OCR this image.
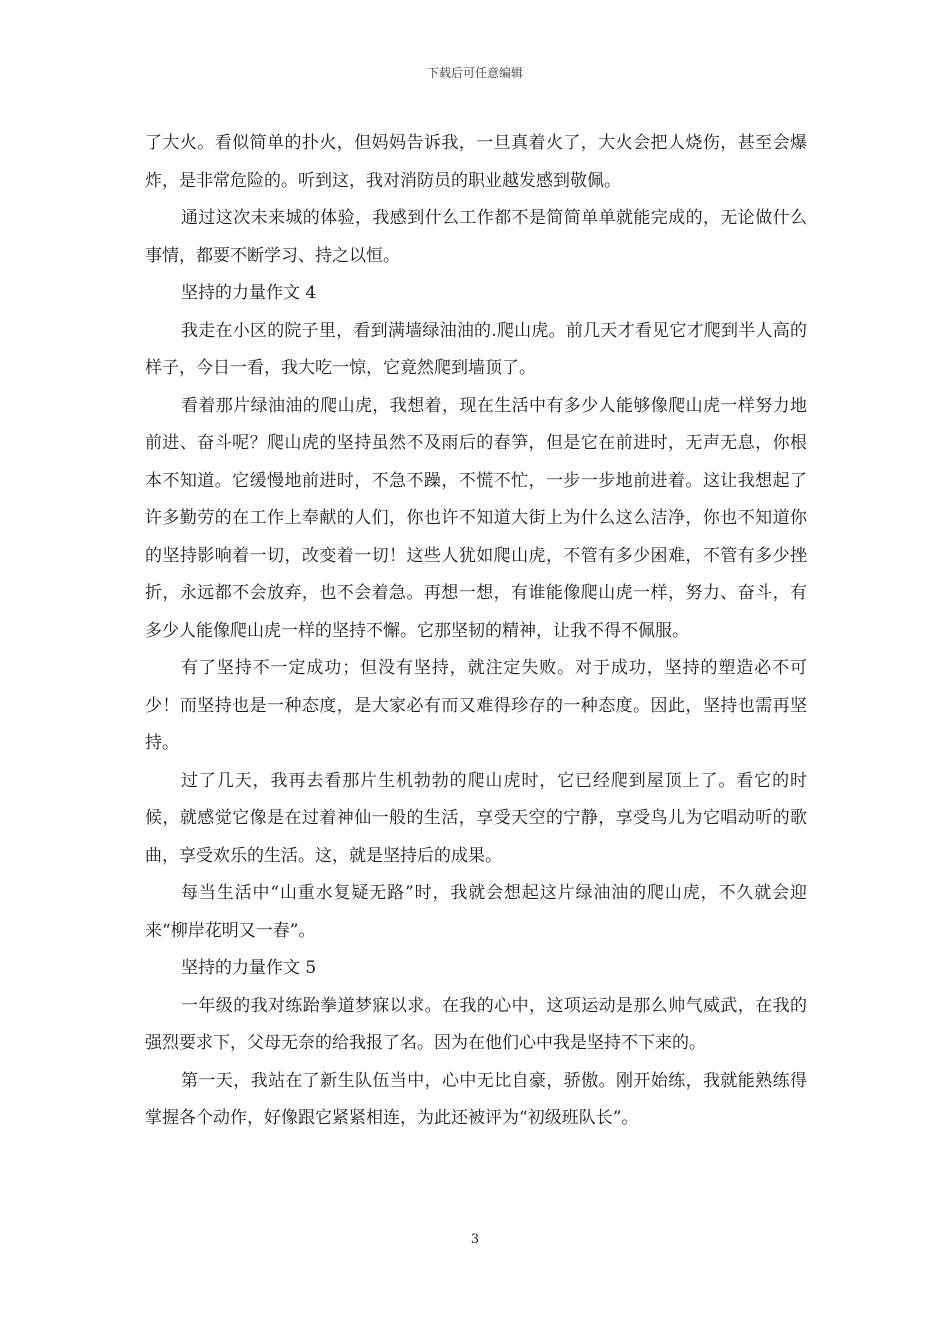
下载后可任意编辑

了大火。看似简单的扑火，但妈妈告诉我，一旦真着火了，大火会把人烧伤，甚至会爆炸，是非常危险的。听到这，我对消防员的职业越发感到敬佩。

通过这次未来城的体验，我感到什么工作都不是简简单单就能完成的，无论做什么事情，都要不断学习、持之以恒。

坚持的力量作文 4

我走在小区的院子里，看到满墙绿油油的.爬山虎。前几天才看见它才爬到半人高的样子，今日一看，我大吃一惊，它竟然爬到墙顶了。

看着那片绿油油的爬山虎，我想着，现在生活中有多少人能够像爬山虎一样努力地前进、奋斗呢？爬山虎的坚持虽然不及雨后的春笋，但是它在前进时，无声无息，你根本不知道。它缓慢地前进时，不急不躁，不慌不忙，一步一步地前进着。这让我想起了许多勤劳的在工作上奉献的人们，你也许不知道大街上为什么这么洁净，你也不知道你的坚持影响着一切，改变着一切！这些人犹如爬山虎，不管有多少困难，不管有多少挫折，永远都不会放弃，也不会着急。再想一想，有谁能像爬山虎一样，努力、奋斗，有多少人能像爬山虎一样的坚持不懈。它那坚韧的精神，让我不得不佩服。

有了坚持不一定成功；但没有坚持，就注定失败。对于成功，坚持的塑造必不可少！而坚持也是一种态度，是大家必有而又难得珍存的一种态度。因此，坚持也需再坚持。

过了几天，我再去看那片生机勃勃的爬山虎时，它已经爬到屋顶上了。看它的时候，就感觉它像是在过着神仙一般的生活，享受天空的宁静，享受鸟儿为它唱动听的歌曲，享受欢乐的生活。这，就是坚持后的成果。

每当生活中“山重水复疑无路”时，我就会想起这片绿油油的爬山虎，不久就会迎来“柳岸花明又一春”。

坚持的力量作文 5

一年级的我对练跆拳道梦寐以求。在我的心中，这项运动是那么帅气威武，在我的强烈要求下，父母无奈的给我报了名。因为在他们心中我是坚持不下来的。

第一天，我站在了新生队伍当中，心中无比自豪，骄傲。刚开始练，我就能熟练得掌握各个动作，好像跟它紧紧相连，为此还被评为“初级班队长”。

3
